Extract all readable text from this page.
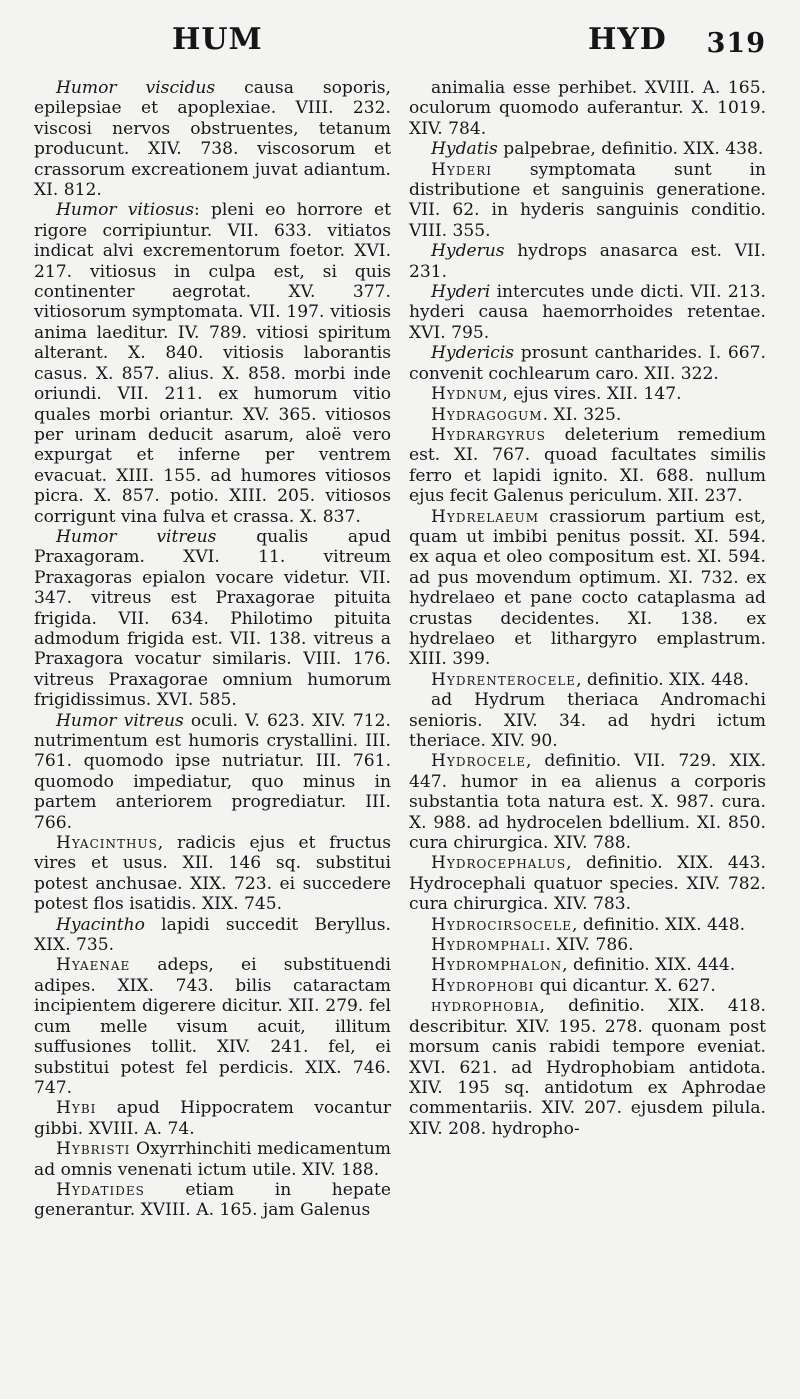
HUM	HYD 319

Humor viscidus causa soporis, epilepsiae et apoplexiae. VIII. 232. viscosi nervos obstruentes, tetanum producunt. XIV. 738. viscosorum et crassorum excreationem juvat adiantum. XI. 812.

Humor vitiosus: pleni eo horrore et rigore corripiuntur. VII. 633. vitiatos indicat alvi excrementorum foetor. XVI. 217. vitiosus in culpa est, si quis continenter aegrotat. XV. 377. vitiosorum symptomata. VII. 197. vitiosis anima laeditur. IV. 789. vitiosi spiritum alterant. X. 840. vitiosis laborantis casus. X. 857. alius. X. 858. morbi inde oriundi. VII. 211. ex humorum vitio quales morbi oriantur. XV. 365. vitiosos per urinam deducit asarum, aloë vero expurgat et inferne per ventrem evacuat. XIII. 155. ad humores vitiosos picra. X. 857. potio. XIII. 205. vitiosos corrigunt vina fulva et crassa. X. 837.

Humor vitreus qualis apud Praxagoram. XVI. 11. vitreum Praxagoras epialon vocare videtur. VII. 347. vitreus est Praxagorae pituita frigida. VII. 634. Philotimo pituita admodum frigida est. VII. 138. vitreus a Praxagora vocatur similaris. VIII. 176. vitreus Praxagorae omnium humorum frigidissimus. XVI. 585.

Humor vitreus oculi. V. 623. XIV. 712. nutrimentum est humoris crystallini. III. 761. quomodo ipse nutriatur. III. 761. quomodo impediatur, quo minus in partem anteriorem progrediatur. III. 766.

Hyacinthus, radicis ejus et fructus vires et usus. XII. 146 sq. substitui potest anchusae. XIX. 723. ei succedere potest flos isatidis. XIX. 745.

Hyacintho lapidi succedit Beryllus. XIX. 735.

Hyaenae adeps, ei substituendi adipes. XIX. 743. bilis cataractam incipientem digerere dicitur. XII. 279. fel cum melle visum acuit, illitum suffusiones tollit. XIV. 241. fel, ei substitui potest fel perdicis. XIX. 746. 747.

Hybi apud Hippocratem vocantur gibbi. XVIII. A. 74.

Hybristi Oxyrrhinchiti medicamentum ad omnis venenati ictum utile. XIV. 188.

Hydatides etiam in hepate generantur. XVIII. A. 165. jam Galenus

animalia esse perhibet. XVIII. A. 165. oculorum quomodo auferantur. X. 1019. XIV. 784.

Hydatis palpebrae, definitio. XIX. 438.

Hyderi symptomata sunt in distributione et sanguinis generatione. VII. 62. in hyderis sanguinis conditio. VIII. 355.

Hyderus hydrops anasarca est. VII. 231.

Hyderi intercutes unde dicti. VII. 213. hyderi causa haemorrhoides retentae. XVI. 795.

Hydericis prosunt cantharides. I. 667. convenit cochlearum caro. XII. 322.

Hydnum, ejus vires. XII. 147.

Hydragogum. XI. 325.

Hydrargyrus deleterium remedium est. XI. 767. quoad facultates similis ferro et lapidi ignito. XI. 688. nullum ejus fecit Galenus periculum. XII. 237.

Hydrelaeum crassiorum partium est, quam ut imbibi penitus possit. XI. 594. ex aqua et oleo compositum est. XI. 594. ad pus movendum optimum. XI. 732. ex hydrelaeo et pane cocto cataplasma ad crustas decidentes. XI. 138. ex hydrelaeo et lithargyro emplastrum. XIII. 399.

Hydrenterocele, definitio. XIX. 448.

ad Hydrum theriaca Andromachi senioris. XIV. 34. ad hydri ictum theriace. XIV. 90.

Hydrocele, definitio. VII. 729. XIX. 447. humor in ea alienus a corporis substantia tota natura est. X. 987. cura. X. 988. ad hydrocelen bdellium. XI. 850. cura chirurgica. XIV. 788.

Hydrocephalus, definitio. XIX. 443. Hydrocephali quatuor species. XIV. 782. cura chirurgica. XIV. 783.

Hydrocirsocele, definitio. XIX. 448.

Hydromphali. XIV. 786.

Hydromphalon, definitio. XIX. 444.

Hydrophobi qui dicantur. X. 627.

hydrophobia, definitio. XIX. 418. describitur. XIV. 195. 278. quonam post morsum canis rabidi tempore eveniat. XVI. 621. ad Hydrophobiam antidota. XIV. 195 sq. antidotum ex Aphrodae commentariis. XIV. 207. ejusdem pilula. XIV. 208. hydropho-
